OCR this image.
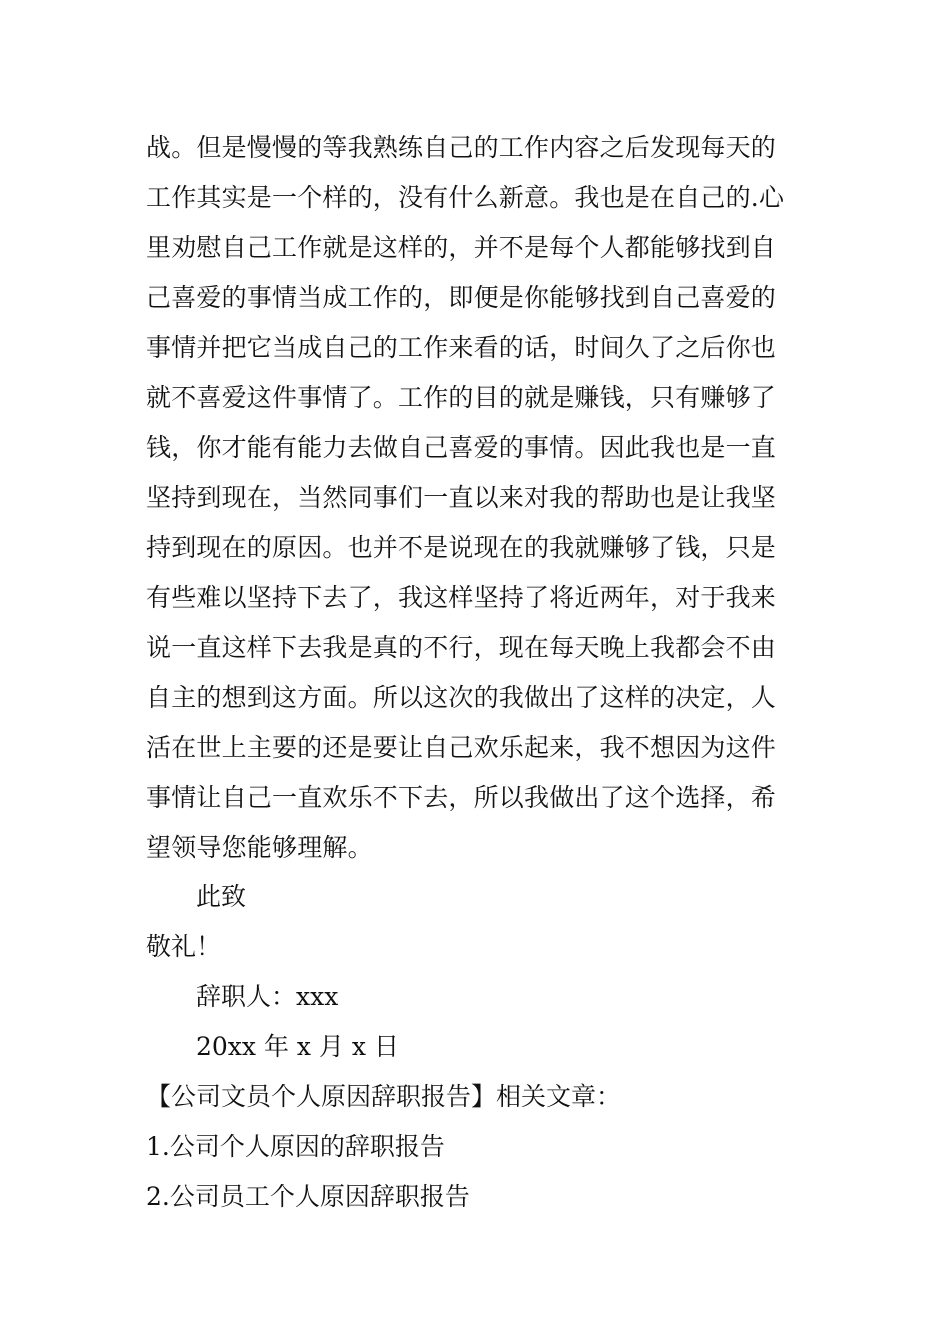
战。但是慢慢的等我熟练自己的工作内容之后发现每天的
工作其实是一个样的，没有什么新意。我也是在自己的.心
里劝慰自己工作就是这样的，并不是每个人都能够找到自
己喜爱的事情当成工作的，即便是你能够找到自己喜爱的
事情并把它当成自己的工作来看的话，时间久了之后你也
就不喜爱这件事情了。工作的目的就是赚钱，只有赚够了
钱，你才能有能力去做自己喜爱的事情。因此我也是一直
坚持到现在，当然同事们一直以来对我的帮助也是让我坚
持到现在的原因。也并不是说现在的我就赚够了钱，只是
有些难以坚持下去了，我这样坚持了将近两年，对于我来
说一直这样下去我是真的不行，现在每天晚上我都会不由
自主的想到这方面。所以这次的我做出了这样的决定，人
活在世上主要的还是要让自己欢乐起来，我不想因为这件
事情让自己一直欢乐不下去，所以我做出了这个选择，希
望领导您能够理解。
此致
敬礼！
辞职人：xxx
20xx 年 x 月 x 日
【公司文员个人原因辞职报告】相关文章：
1.公司个人原因的辞职报告
2.公司员工个人原因辞职报告
